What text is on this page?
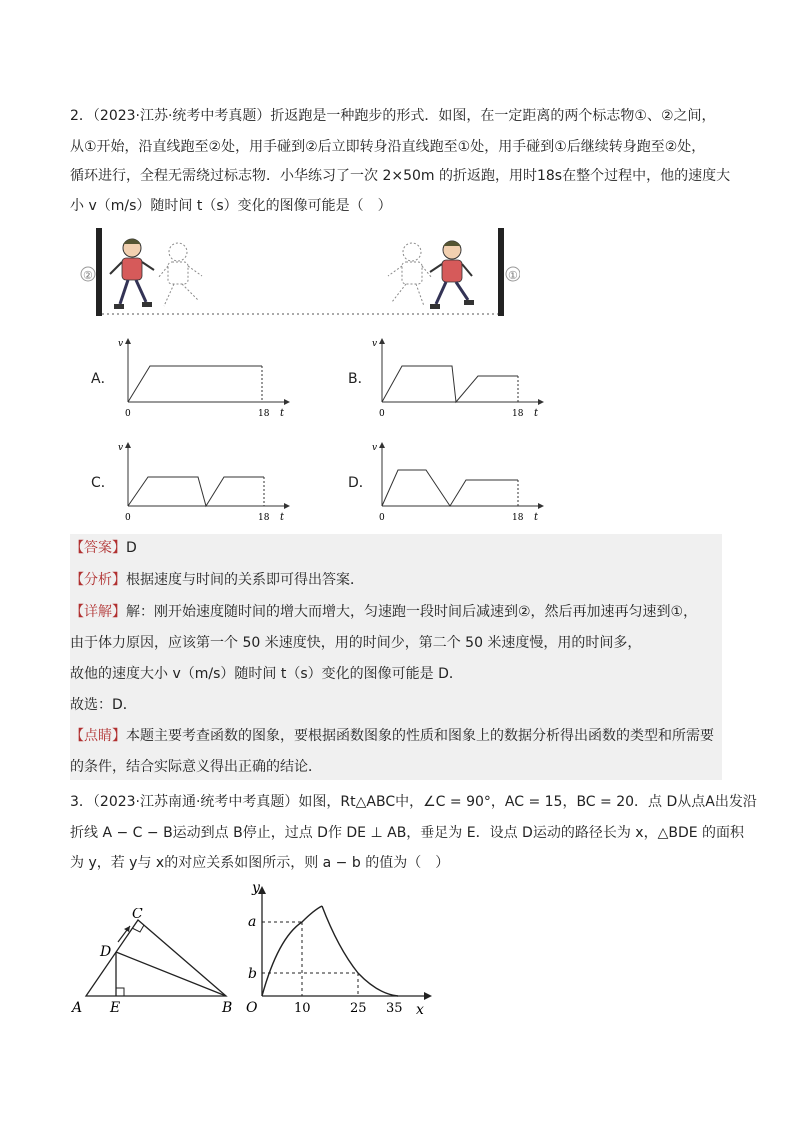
2．（2023·江苏·统考中考真题）折返跑是一种跑步的形式．如图，在一定距离的两个标志物①、②之间，
从①开始，沿直线跑至②处，用手碰到②后立即转身沿直线跑至①处，用手碰到①后继续转身跑至②处，
循环进行，全程无需绕过标志物．小华练习了一次 2×50m 的折返跑，用时18s在整个过程中，他的速度大
小 v（m/s）随时间 t（s）变化的图像可能是（　）
②	①
A．	B．
C．	D．
v
t
0	18
v
t
0	18
v
t
0	18
v
t
0	18
【答案】D
【分析】根据速度与时间的关系即可得出答案．
【详解】解：刚开始速度随时间的增大而增大，匀速跑一段时间后减速到②，然后再加速再匀速到①，
由于体力原因，应该第一个 50 米速度快，用的时间少，第二个 50 米速度慢，用的时间多，
故他的速度大小 v（m/s）随时间 t（s）变化的图像可能是 D．
故选：D．
【点睛】本题主要考查函数的图象，要根据函数图象的性质和图象上的数据分析得出函数的类型和所需要
的条件，结合实际意义得出正确的结论．
3．（2023·江苏南通·统考中考真题）如图，Rt△ABC中，∠C = 90°，AC = 15，BC = 20．点 D从点A出发沿
折线 A − C − B运动到点 B停止，过点 D作 DE ⊥ AB，垂足为 E．设点 D运动的路径长为 x，△BDE 的面积
为 y，若 y与 x的对应关系如图所示，则 a − b 的值为（　）
A	B
C
D
E
y
x
O	10	25 35
a
b
